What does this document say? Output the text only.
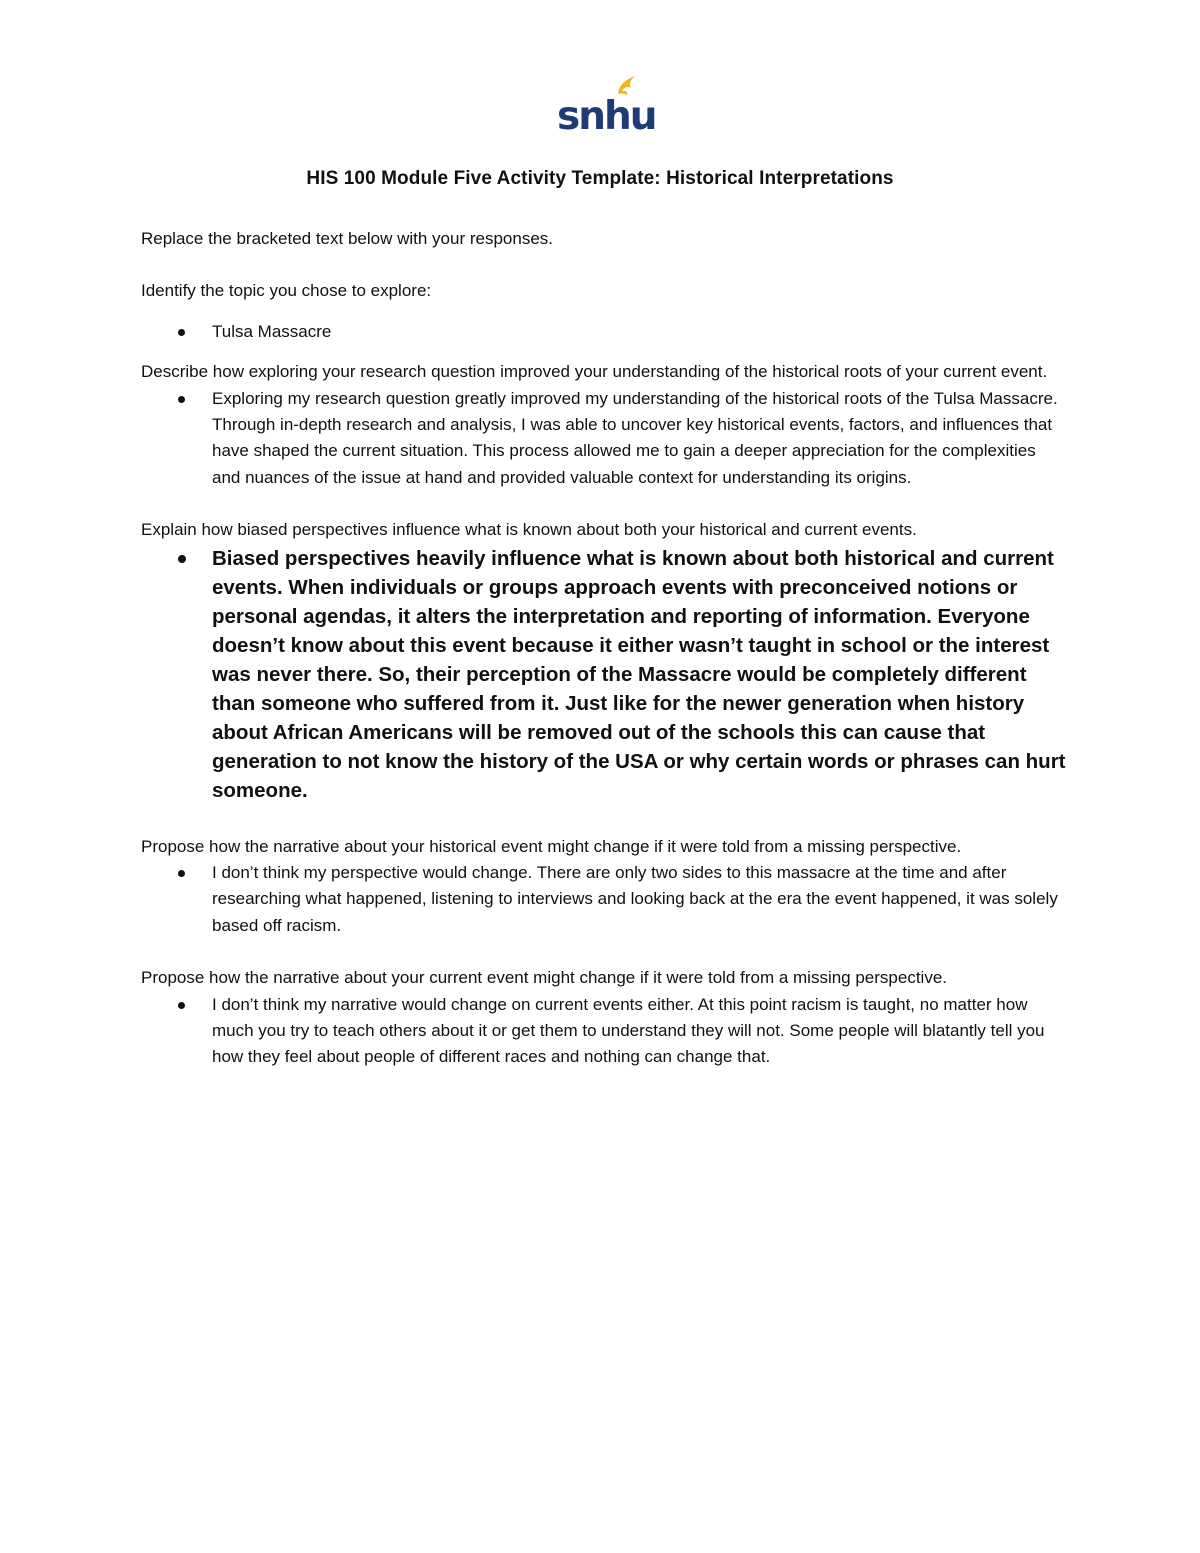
snhu
HIS 100 Module Five Activity Template: Historical Interpretations

Replace the bracketed text below with your responses.

Identify the topic you chose to explore:

Tulsa Massacre

Describe how exploring your research question improved your understanding of the historical roots of your current event.

Exploring my research question greatly improved my understanding of the historical roots of the Tulsa Massacre. Through in-depth research and analysis, I was able to uncover key historical events, factors, and influences that have shaped the current situation. This process allowed me to gain a deeper appreciation for the complexities and nuances of the issue at hand and provided valuable context for understanding its origins.

Explain how biased perspectives influence what is known about both your historical and current events.

Biased perspectives heavily influence what is known about both historical and current events. When individuals or groups approach events with preconceived notions or personal agendas, it alters the interpretation and reporting of information. Everyone doesn’t know about this event because it either wasn’t taught in school or the interest was never there. So, their perception of the Massacre would be completely different than someone who suffered from it. Just like for the newer generation when history about African Americans will be removed out of the schools this can cause that generation to not know the history of the USA or why certain words or phrases can hurt someone.

Propose how the narrative about your historical event might change if it were told from a missing perspective.

I don’t think my perspective would change. There are only two sides to this massacre at the time and after researching what happened, listening to interviews and looking back at the era the event happened, it was solely based off racism.

Propose how the narrative about your current event might change if it were told from a missing perspective.

I don’t think my narrative would change on current events either. At this point racism is taught, no matter how much you try to teach others about it or get them to understand they will not. Some people will blatantly tell you how they feel about people of different races and nothing can change that.
